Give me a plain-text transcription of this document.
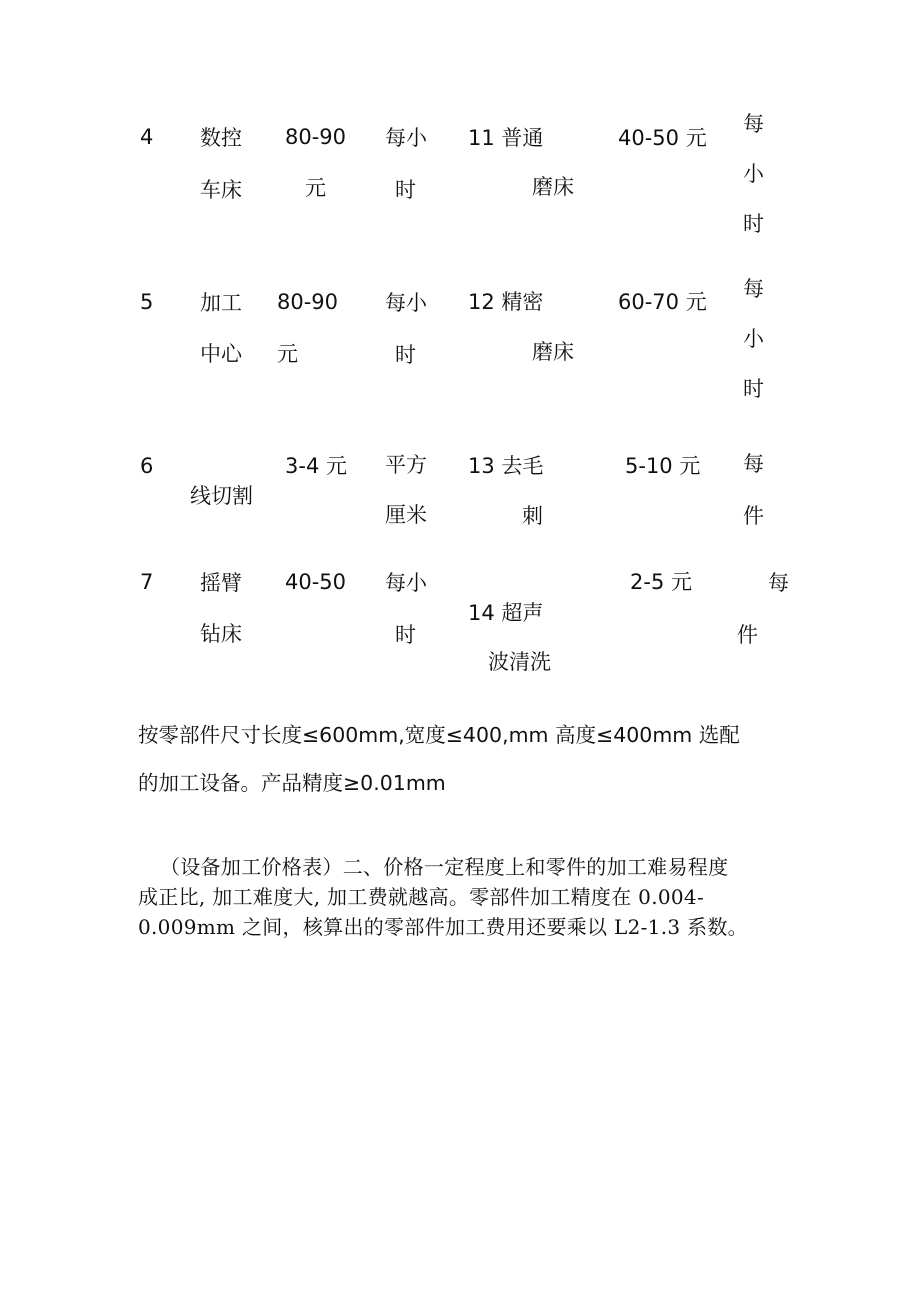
4 数控
车床
80-90
元
每小
时
11 普通
磨床
40-50 元
每
小
时
5 加工
中心
80-90
元
每小
时
12 精密
磨床
60-70 元
每
小
时
6
线切割
3-4 元 平方
厘米
13 去毛
刺
5-10 元 每
件
7 摇臂
钻床
40-50 每小
时
14 超声
波清洗
2-5 元	每
件
按零部件尺寸长度≤600mm,宽度≤400,mm 高度≤400mm 选配
的加工设备。产品精度≥0.01mm
（设备加工价格表）二、价格一定程度上和零件的加工难易程度
成正比, 加工难度大, 加工费就越高。零部件加工精度在 0.004-
0.009mm 之间，核算出的零部件加工费用还要乘以 L2-1.3 系数。
